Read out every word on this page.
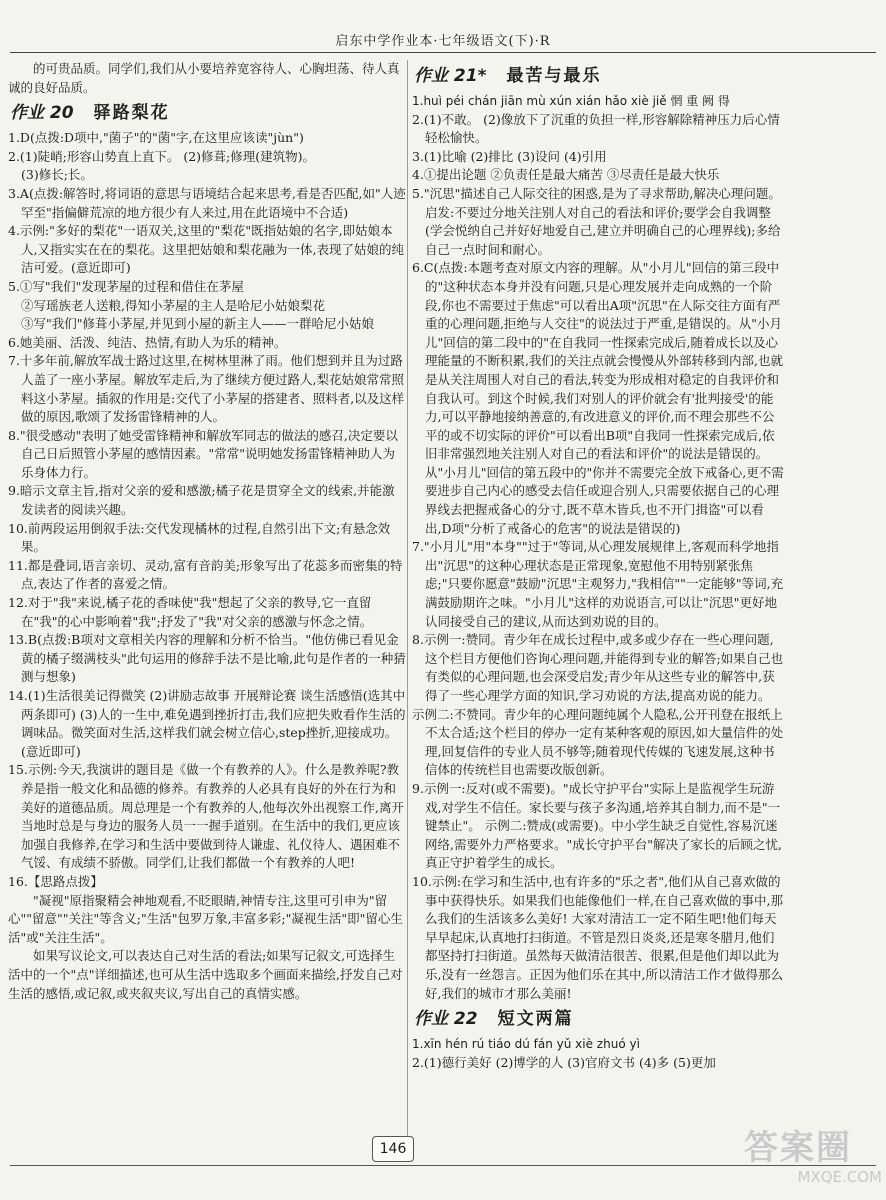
启东中学作业本·七年级语文(下)·R

的可贵品质。同学们,我们从小要培养宽容待人、心胸坦荡、待人真诚的良好品质。

作业 20 驿路梨花

1.D(点拨:D项中,"菌子"的"菌"字,在这里应该读"jùn")

2.(1)陡峭;形容山势直上直下。 (2)修葺;修理(建筑物)。

(3)修长;长。

3.A(点拨:解答时,将词语的意思与语境结合起来思考,看是否匹配,如"人迹罕至"指偏僻荒凉的地方很少有人来过,用在此语境中不合适)

4.示例:"多好的梨花"一语双关,这里的"梨花"既指姑娘的名字,即姑娘本人,又指实实在在的梨花。这里把姑娘和梨花融为一体,表现了姑娘的纯洁可爱。(意近即可)

5.①写"我们"发现茅屋的过程和借住在茅屋

②写瑶族老人送粮,得知小茅屋的主人是哈尼小姑娘梨花

③写"我们"修葺小茅屋,并见到小屋的新主人——一群哈尼小姑娘

6.她美丽、活泼、纯洁、热情,有助人为乐的精神。

7.十多年前,解放军战士路过这里,在树林里淋了雨。他们想到并且为过路人盖了一座小茅屋。解放军走后,为了继续方便过路人,梨花姑娘常常照料这小茅屋。插叙的作用是:交代了小茅屋的搭建者、照料者,以及这样做的原因,歌颂了发扬雷锋精神的人。

8."很受感动"表明了她受雷锋精神和解放军同志的做法的感召,决定要以自己日后照管小茅屋的感情因素。"常常"说明她发扬雷锋精神助人为乐身体力行。

9.暗示文章主旨,指对父亲的爱和感激;橘子花是贯穿全文的线索,并能激发读者的阅读兴趣。

10.前两段运用倒叙手法:交代发现橘林的过程,自然引出下文;有悬念效果。

11.都是叠词,语言亲切、灵动,富有音韵美;形象写出了花蕊多而密集的特点,表达了作者的喜爱之情。

12.对于"我"来说,橘子花的香味使"我"想起了父亲的教导,它一直留在"我"的心中影响着"我";抒发了"我"对父亲的感激与怀念之情。

13.B(点拨:B项对文章相关内容的理解和分析不恰当。"他仿佛已看见金黄的橘子缀满枝头"此句运用的修辞手法不是比喻,此句是作者的一种猜测与想象)

14.(1)生活很美记得微笑 (2)讲励志故事 开展辩论赛 谈生活感悟(选其中两条即可) (3)人的一生中,难免遇到挫折打击,我们应把失败看作生活的调味品。微笑面对生活,这样我们就会树立信心,step挫折,迎接成功。(意近即可)

15.示例:今天,我演讲的题目是《做一个有教养的人》。什么是教养呢?教养是指一般文化和品德的修养。有教养的人必具有良好的外在行为和美好的道德品质。周总理是一个有教养的人,他每次外出视察工作,离开当地时总是与身边的服务人员一一握手道别。在生活中的我们,更应该加强自我修养,在学习和生活中要做到待人谦虚、礼仪待人、遇困难不气馁、有成绩不骄傲。同学们,让我们都做一个有教养的人吧!

16.【思路点拨】

"凝视"原指聚精会神地观看,不眨眼睛,神情专注,这里可引申为"留心""留意""关注"等含义;"生活"包罗万象,丰富多彩;"凝视生活"即"留心生活"或"关注生活"。

如果写议论文,可以表达自己对生活的看法;如果写记叙文,可选择生活中的一个"点"详细描述,也可从生活中选取多个画面来描绘,抒发自己对生活的感悟,或记叙,或夹叙夹议,写出自己的真情实感。

作业 21* 最苦与最乐

1.huì péi chán jiān mù xún xián hǎo xiè jiě 惘 重 阙 得

2.(1)不敢。 (2)像放下了沉重的负担一样,形容解除精神压力后心情轻松愉快。

3.(1)比喻 (2)排比 (3)设问 (4)引用

4.①提出论题 ②负责任是最大痛苦 ③尽责任是最大快乐

5."沉思"描述自己人际交往的困惑,是为了寻求帮助,解决心理问题。启发:不要过分地关注别人对自己的看法和评价;要学会自我调整(学会悦纳自己并好好地爱自己,建立并明确自己的心理界线);多给自己一点时间和耐心。

6.C(点拨:本题考查对原文内容的理解。从"小月儿"回信的第三段中的"这种状态本身并没有问题,只是心理发展并走向成熟的一个阶段,你也不需要过于焦虑"可以看出A项"沉思"在人际交往方面有严重的心理问题,拒绝与人交往"的说法过于严重,是错误的。从"小月儿"回信的第二段中的"在自我同一性探索完成后,随着成长以及心理能量的不断积累,我们的关注点就会慢慢从外部转移到内部,也就是从关注周围人对自己的看法,转变为形成相对稳定的自我评价和自我认可。到这个时候,我们对别人的评价就会有'批判接受'的能力,可以平静地接纳善意的,有改进意义的评价,而不理会那些不公平的或不切实际的评价"可以看出B项"自我同一性探索完成后,依旧非常强烈地关注别人对自己的看法和评价"的说法是错误的。从"小月儿"回信的第五段中的"你并不需要完全放下戒备心,更不需要进步自己内心的感受去信任或迎合别人,只需要依据自己的心理界线去把握戒备心的分寸,既不草木皆兵,也不开门揖盗"可以看出,D项"分析了戒备心的危害"的说法是错误的)

7."小月儿"用"本身""过于"等词,从心理发展规律上,客观而科学地指出"沉思"的这种心理状态是正常现象,宽慰他不用特别紧张焦虑;"只要你愿意"鼓励"沉思"主观努力,"我相信""一定能够"等词,充满鼓励期许之味。"小月儿"这样的劝说语言,可以让"沉思"更好地认同接受自己的建议,从而达到劝说的目的。

8.示例一:赞同。青少年在成长过程中,或多或少存在一些心理问题,这个栏目方便他们咨询心理问题,并能得到专业的解答;如果自己也有类似的心理问题,也会深受启发;青少年从这些专业的解答中,获得了一些心理学方面的知识,学习劝说的方法,提高劝说的能力。

示例二:不赞同。青少年的心理问题纯属个人隐私,公开刊登在报纸上不太合适;这个栏目的停办一定有某种客观的原因,如大量信件的处理,回复信件的专业人员不够等;随着现代传媒的飞速发展,这种书信体的传统栏目也需要改版创新。

9.示例一:反对(或不需要)。"成长守护平台"实际上是监视学生玩游戏,对学生不信任。家长要与孩子多沟通,培养其自制力,而不是"一键禁止"。 示例二:赞成(或需要)。中小学生缺乏自觉性,容易沉迷网络,需要外力严格要求。"成长守护平台"解决了家长的后顾之忧,真正守护着学生的成长。

10.示例:在学习和生活中,也有许多的"乐之者",他们从自己喜欢做的事中获得快乐。如果我们也能像他们一样,在自己喜欢做的事中,那么我们的生活该多么美好! 大家对清洁工一定不陌生吧!他们每天早早起床,认真地打扫街道。不管是烈日炎炎,还是寒冬腊月,他们都坚持打扫街道。虽然每天做清洁很苦、很累,但是他们却以此为乐,没有一丝怨言。正因为他们乐在其中,所以清洁工作才做得那么好,我们的城市才那么美丽!

作业 22 短文两篇

1.xīn hén rú tiáo dú fán yǔ xiè zhuó yì

2.(1)德行美好 (2)博学的人 (3)官府文书 (4)多 (5)更加

146	答案圈
MXQE.COM
